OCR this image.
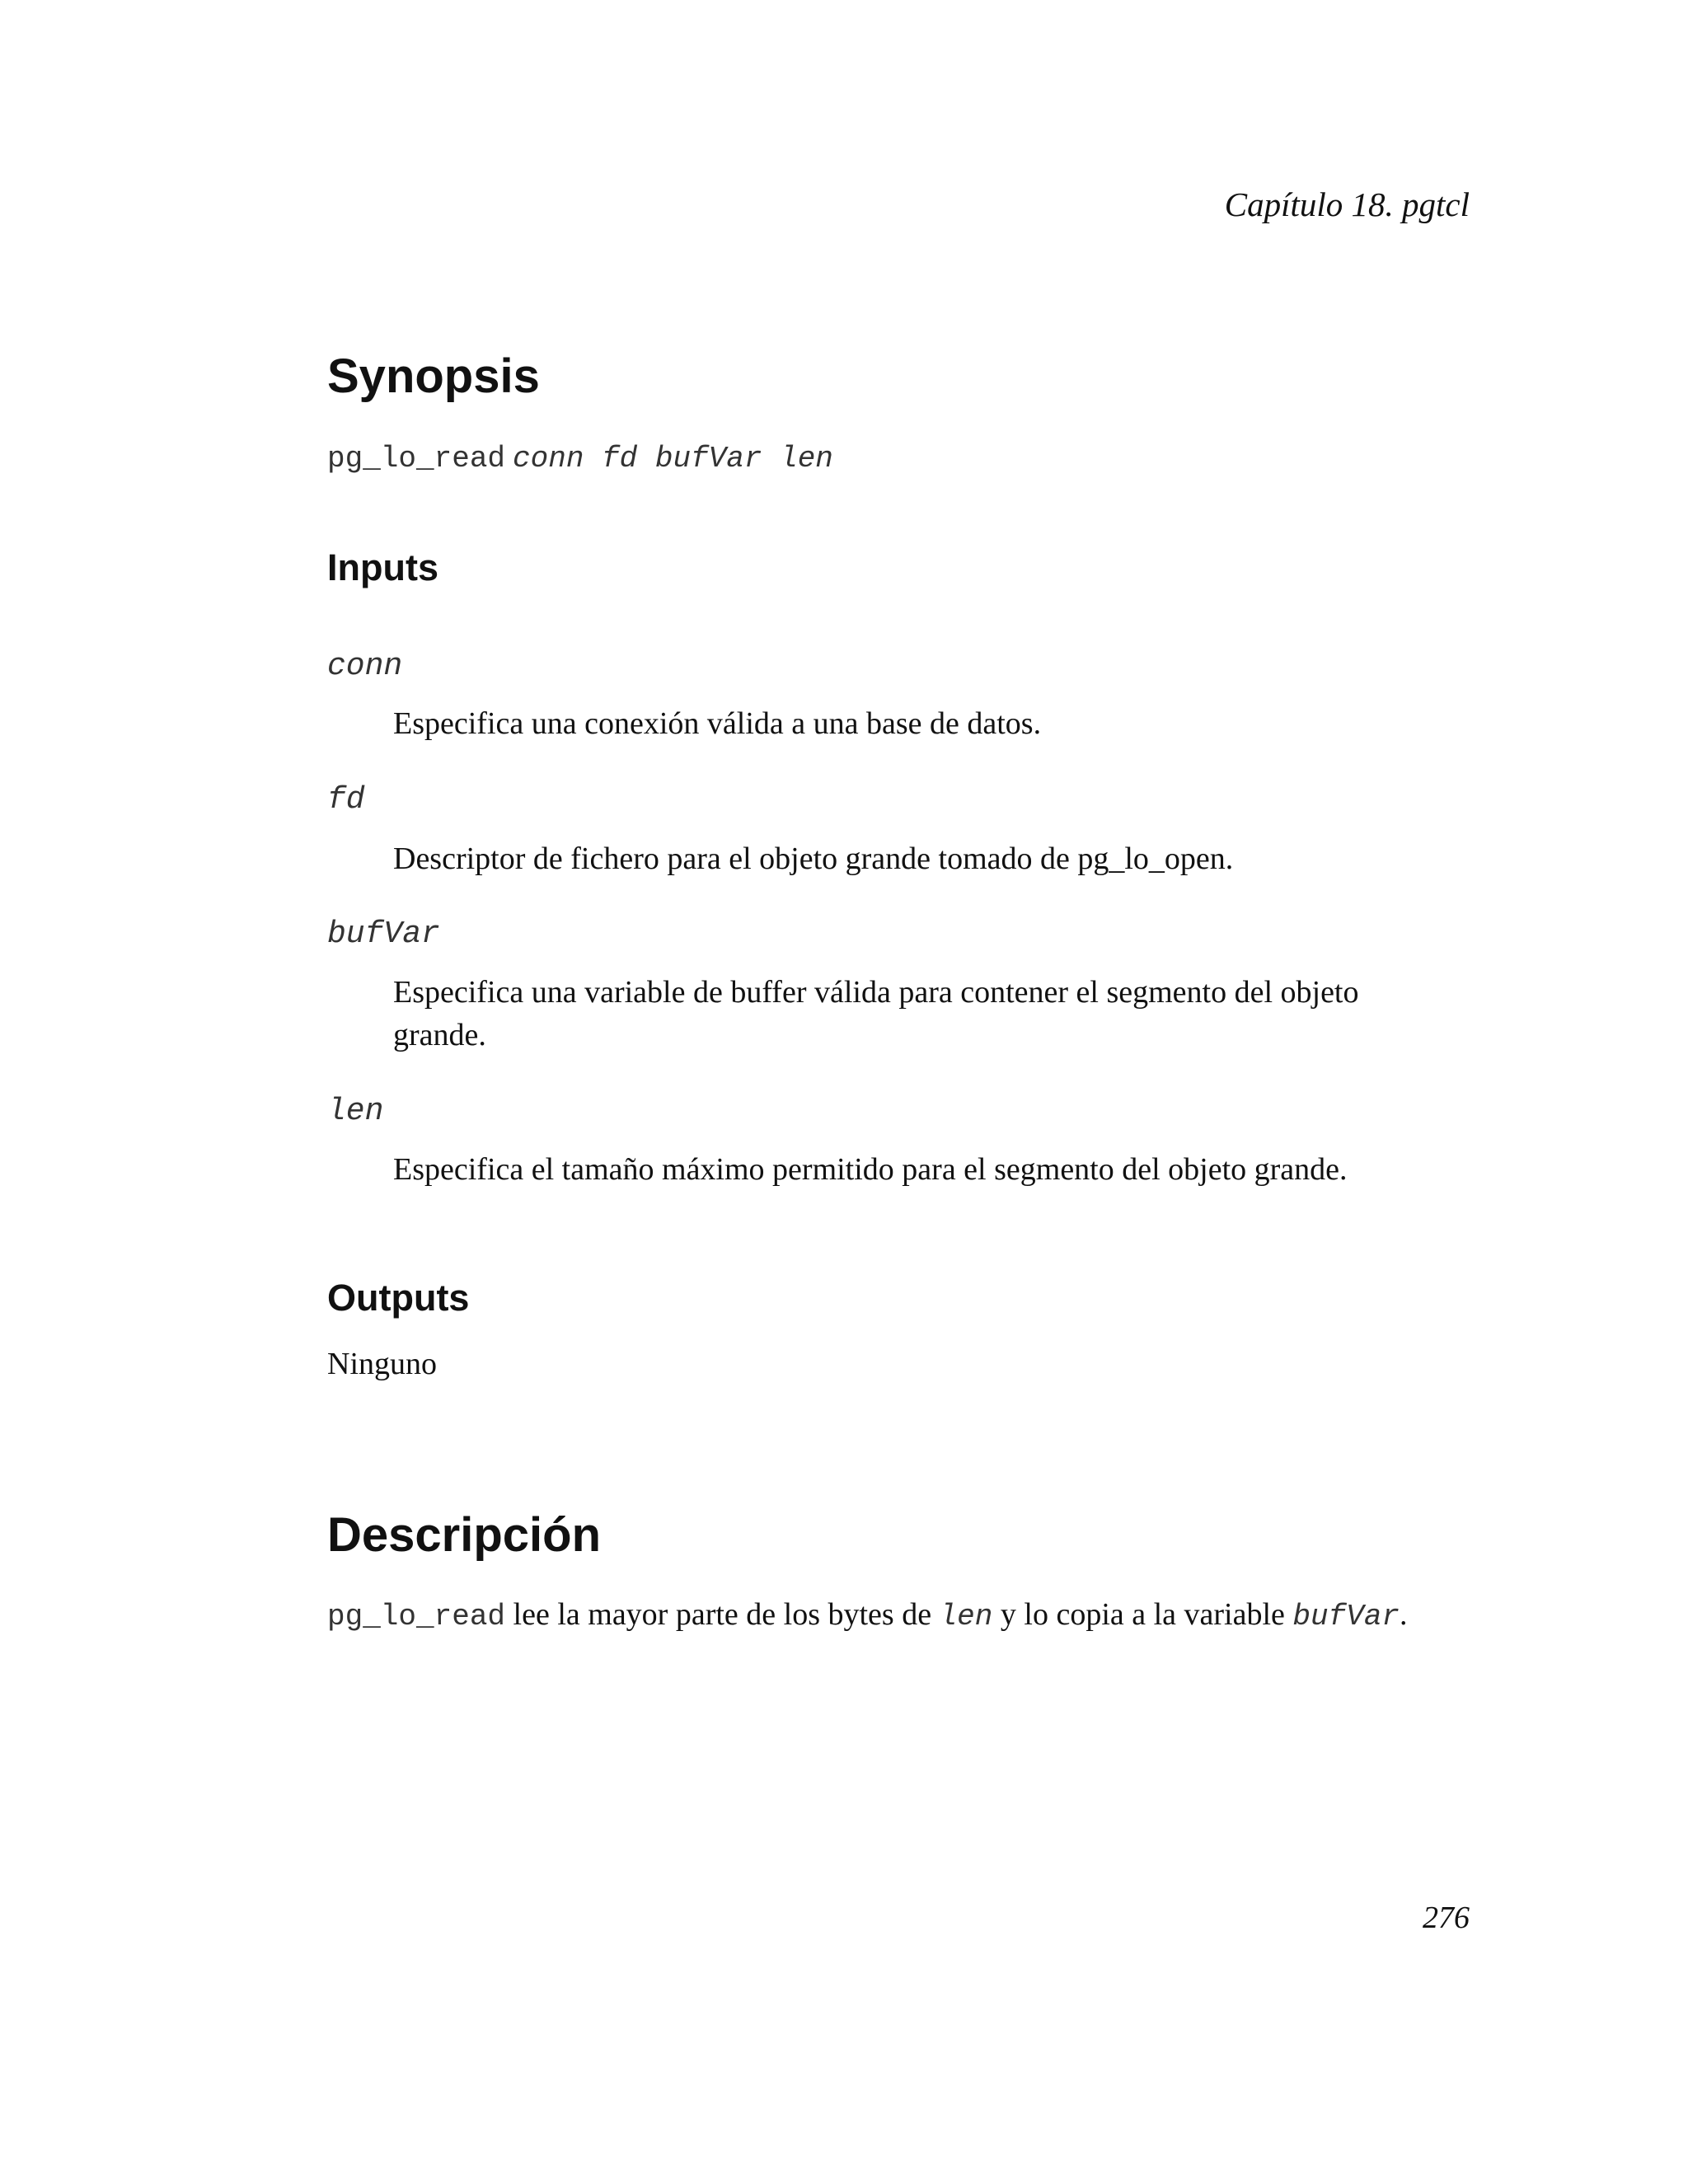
Capítulo 18. pgtcl
Synopsis
pg_lo_read conn fd bufVar len
Inputs
conn
Especifica una conexión válida a una base de datos.
fd
Descriptor de fichero para el objeto grande tomado de pg_lo_open.
bufVar
Especifica una variable de buffer válida para contener el segmento del objeto grande.
len
Especifica el tamaño máximo permitido para el segmento del objeto grande.
Outputs
Ninguno
Descripción
pg_lo_read lee la mayor parte de los bytes de len y lo copia a la variable bufVar.
276
